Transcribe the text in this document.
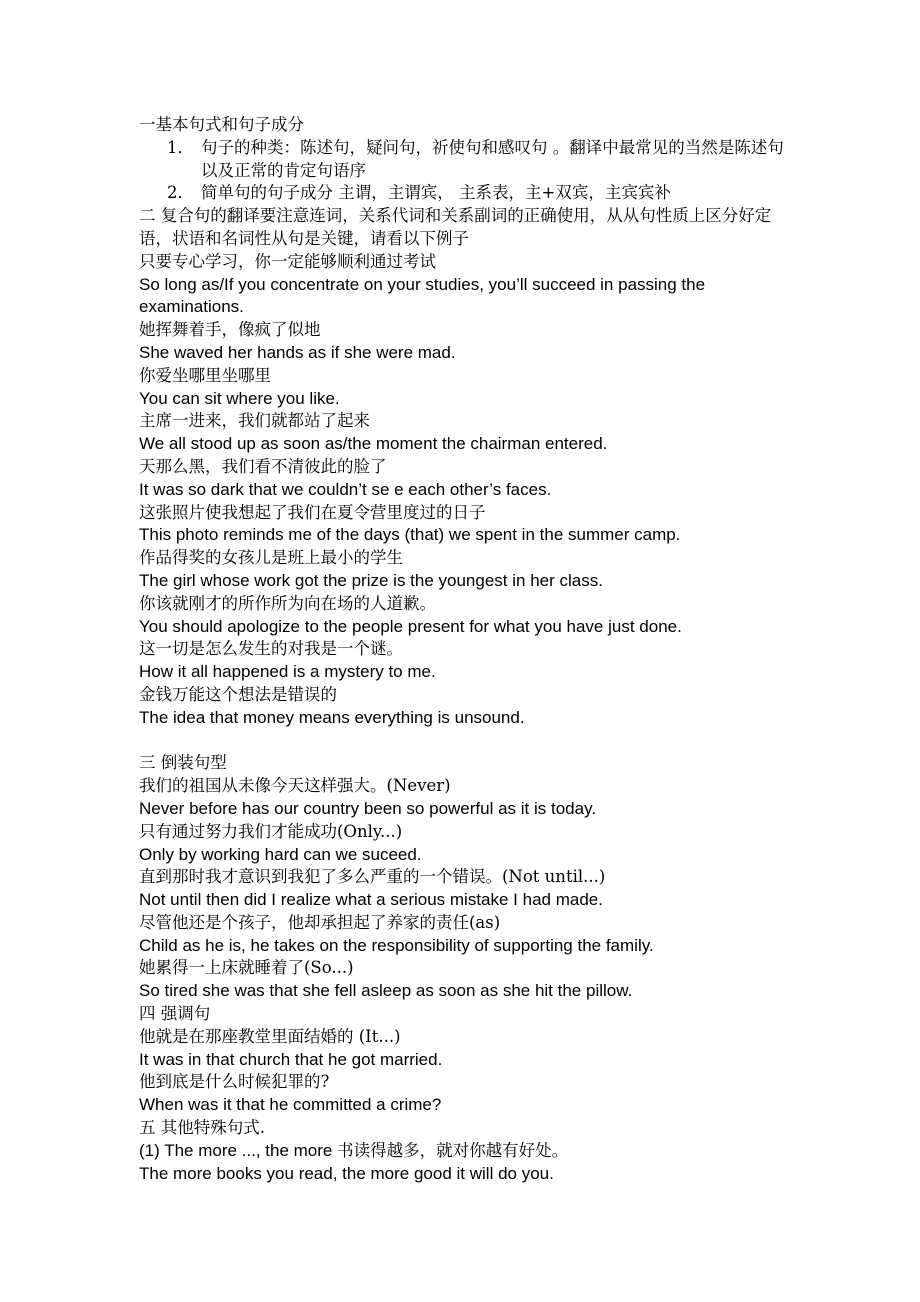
一基本句式和句子成分
1． 句子的种类：陈述句，疑问句，祈使句和感叹句 。翻译中最常见的当然是陈述句以及正常的肯定句语序
2． 简单句的句子成分 主谓，主谓宾， 主系表，主+双宾，主宾宾补
二 复合句的翻译要注意连词，关系代词和关系副词的正确使用，从从句性质上区分好定语，状语和名词性从句是关键，请看以下例子
只要专心学习，你一定能够顺利通过考试
So long as/If you concentrate on your studies, you’ll succeed in passing the examinations.
她挥舞着手，像疯了似地
She waved her hands as if she were mad.
你爱坐哪里坐哪里
You can sit where you like.
主席一进来，我们就都站了起来
We all stood up as soon as/the moment the chairman entered.
天那么黑，我们看不清彼此的脸了
It was so dark that we couldn’t se e each other’s faces.
这张照片使我想起了我们在夏令营里度过的日子
This photo reminds me of the days (that) we spent in the summer camp.
作品得奖的女孩儿是班上最小的学生
The girl whose work got the prize is the youngest in her class.
你该就刚才的所作所为向在场的人道歉。
You should apologize to the people present for what you have just done.
这一切是怎么发生的对我是一个谜。
How it all happened is a mystery to me.
金钱万能这个想法是错误的
The idea that money means everything is unsound.
三 倒装句型
我们的祖国从未像今天这样强大。(Never)
Never before has our country been so powerful as it is today.
只有通过努力我们才能成功(Only...)
Only by working hard can we suceed.
直到那时我才意识到我犯了多么严重的一个错误。(Not until...)
Not until then did I realize what a serious mistake I had made.
尽管他还是个孩子，他却承担起了养家的责任(as)
Child as he is, he takes on the responsibility of supporting the family.
她累得一上床就睡着了(So...)
So tired she was that she fell asleep as soon as she hit the pillow.
四 强调句
他就是在那座教堂里面结婚的 (It...)
It was in that church that he got married.
他到底是什么时候犯罪的?
When was it that he committed a crime?
五 其他特殊句式.
(1) The more ..., the more 书读得越多，就对你越有好处。
The more books you read, the more good it will do you.
